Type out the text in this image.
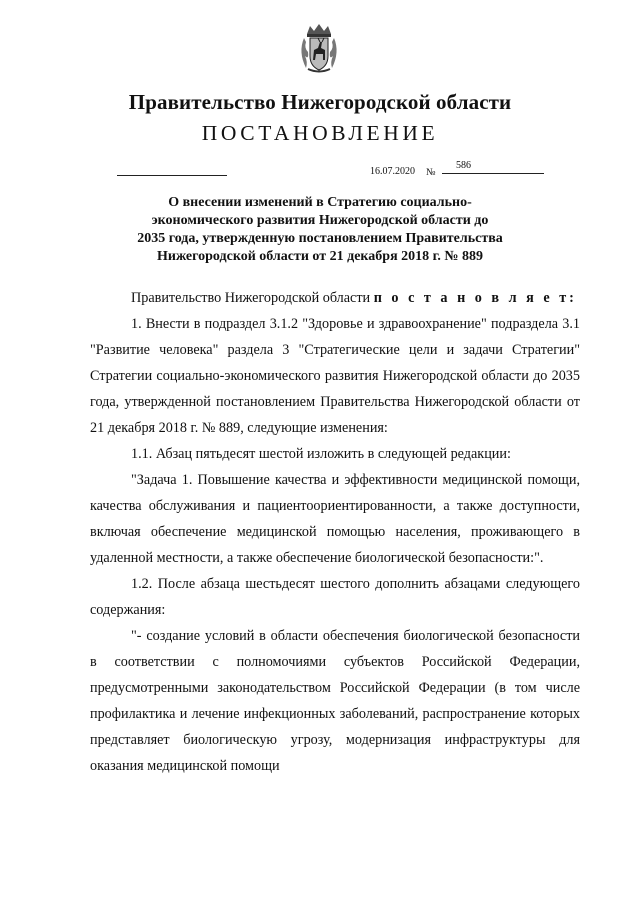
Правительство Нижегородской области
ПОСТАНОВЛЕНИЕ
16.07.2020 №
586
О внесении изменений в Стратегию социально-
экономического развития Нижегородской области до
2035 года, утвержденную постановлением Правительства
Нижегородской области от 21 декабря 2018 г. № 889

Правительство Нижегородской области п о с т а н о в л я е т:

1. Внести в подраздел 3.1.2 "Здоровье и здравоохранение" подраздела 3.1 "Развитие человека" раздела 3 "Стратегические цели и задачи Стратегии" Стратегии социально-экономического развития Нижегородской области до 2035 года, утвержденной постановлением Правительства Нижегородской области от 21 декабря 2018 г. № 889, следующие изменения:

1.1. Абзац пятьдесят шестой изложить в следующей редакции:

"Задача 1. Повышение качества и эффективности медицинской помощи, качества обслуживания и пациентоориентированности, а также доступности, включая обеспечение медицинской помощью населения, проживающего в удаленной местности, а также обеспечение биологической безопасности:".

1.2. После абзаца шестьдесят шестого дополнить абзацами следующего содержания:

"- создание условий в области обеспечения биологической безопасности в соответствии с полномочиями субъектов Российской Федерации, предусмотренными законодательством Российской Федерации (в том числе профилактика и лечение инфекционных заболеваний, распространение которых представляет биологическую угрозу, модернизация инфраструктуры для оказания медицинской помощи
